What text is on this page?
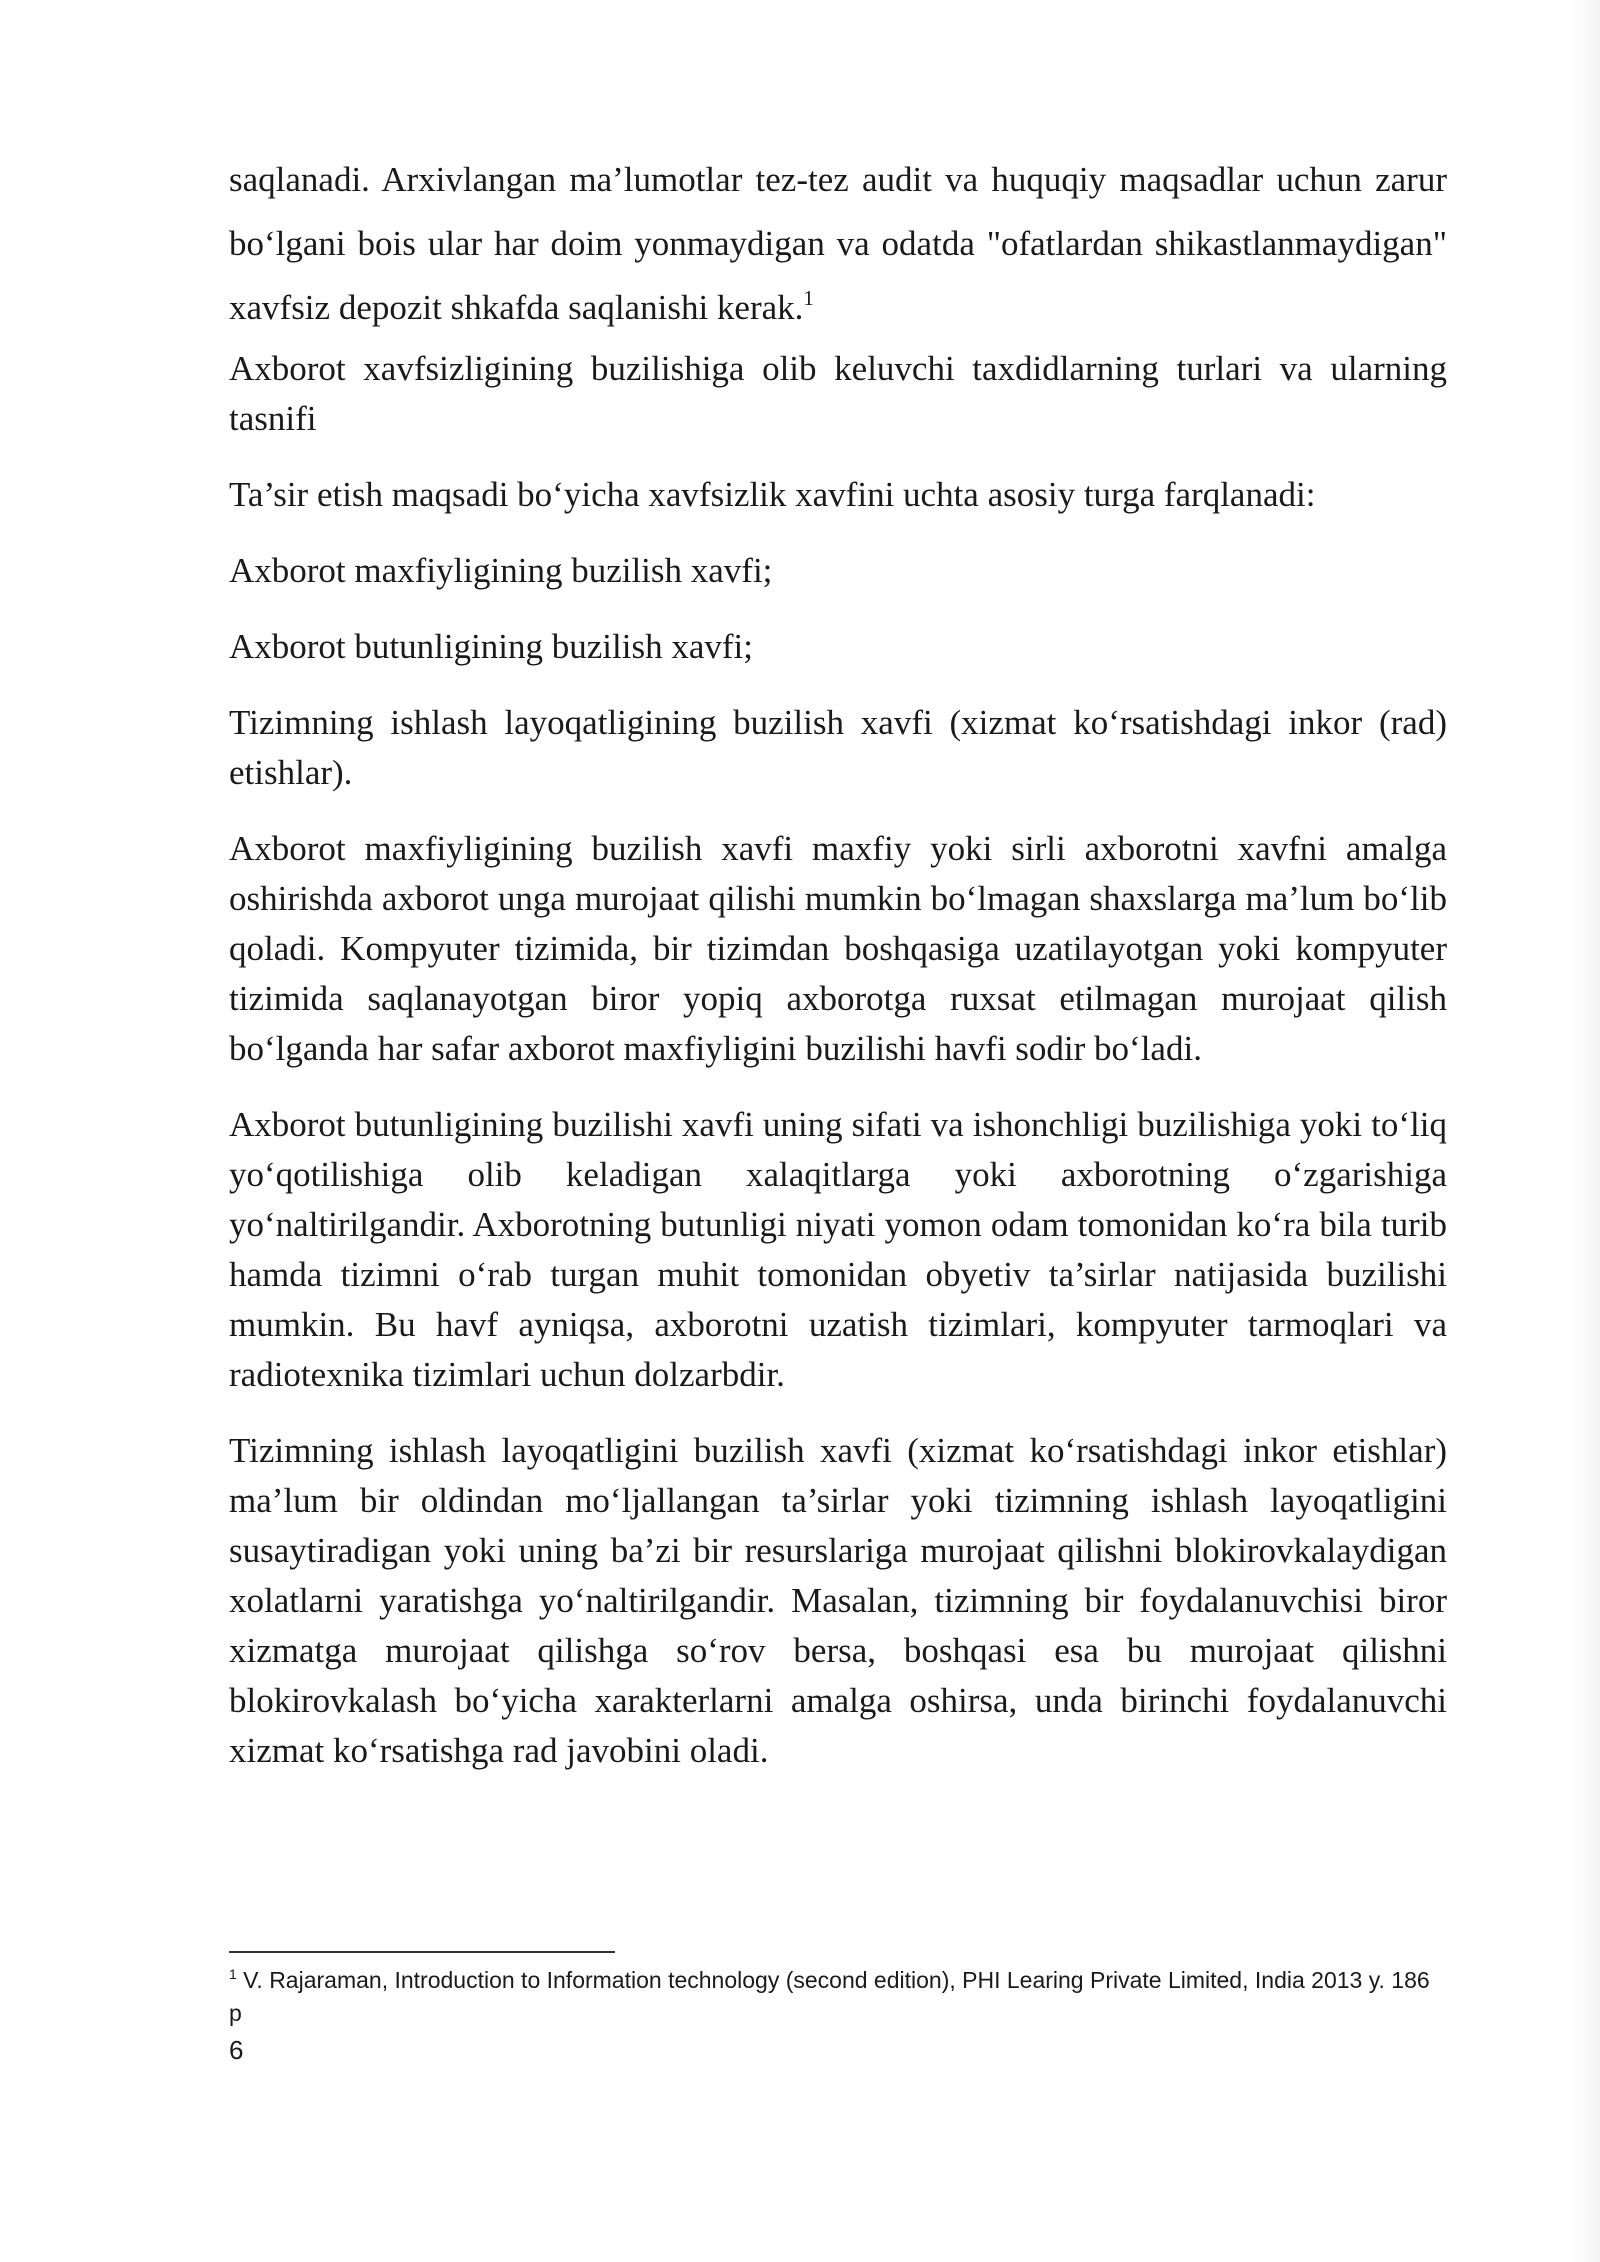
saqlanadi. Arxivlangan ma’lumotlar tez-tez audit va huquqiy maqsadlar uchun zarur bo‘lgani bois ular har doim yonmaydigan va odatda "ofatlardan shikastlanmaydigan" xavfsiz depozit shkafda saqlanishi kerak.$^1$

Axborot xavfsizligining buzilishiga olib keluvchi taxdidlarning turlari va ularning tasnifi

Ta’sir etish maqsadi bo‘yicha xavfsizlik xavfini uchta asosiy turga farqlanadi:

Axborot maxfiyligining buzilish xavfi;

Axborot butunligining buzilish xavfi;

Tizimning ishlash layoqatligining buzilish xavfi (xizmat ko‘rsatishdagi inkor (rad) etishlar).

Axborot maxfiyligining buzilish xavfi maxfiy yoki sirli axborotni xavfni amalga oshirishda axborot unga murojaat qilishi mumkin bo‘lmagan shaxslarga ma’lum bo‘lib qoladi. Kompyuter tizimida, bir tizimdan boshqasiga uzatilayotgan yoki kompyuter tizimida saqlanayotgan biror yopiq axborotga ruxsat etilmagan murojaat qilish bo‘lganda har safar axborot maxfiyligini buzilishi havfi sodir bo‘ladi.

Axborot butunligining buzilishi xavfi uning sifati va ishonchligi buzilishiga yoki to‘liq yo‘qotilishiga olib keladigan xalaqitlarga yoki axborotning o‘zgarishiga yo‘naltirilgandir. Axborotning butunligi niyati yomon odam tomonidan ko‘ra bila turib hamda tizimni o‘rab turgan muhit tomonidan obyetiv ta’sirlar natijasida buzilishi mumkin. Bu havf ayniqsa, axborotni uzatish tizimlari, kompyuter tarmoqlari va radiotexnika tizimlari uchun dolzarbdir.

Tizimning ishlash layoqatligini buzilish xavfi (xizmat ko‘rsatishdagi inkor etishlar) ma’lum bir oldindan mo‘ljallangan ta’sirlar yoki tizimning ishlash layoqatligini susaytiradigan yoki uning ba’zi bir resurslariga murojaat qilishni blokirovkalaydigan xolatlarni yaratishga yo‘naltirilgandir. Masalan, tizimning bir foydalanuvchisi biror xizmatga murojaat qilishga so‘rov bersa, boshqasi esa bu murojaat qilishni blokirovkalash bo‘yicha xarakterlarni amalga oshirsa, unda birinchi foydalanuvchi xizmat ko‘rsatishga rad javobini oladi.

$^1$ V. Rajaraman, Introduction to Information technology (second edition), PHI Learing Private Limited, India 2013 y. 186 p
6
